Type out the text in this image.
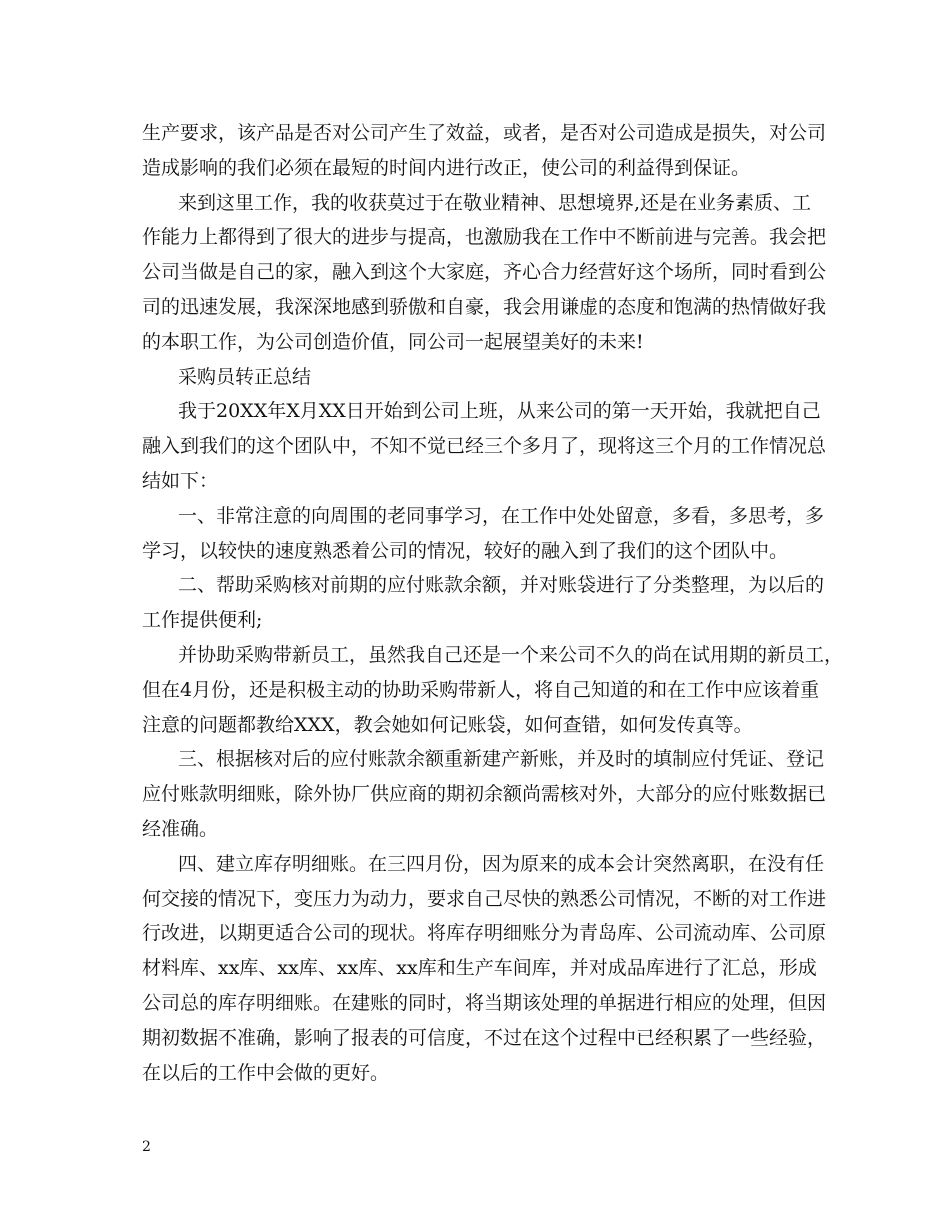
生产要求，该产品是否对公司产生了效益，或者，是否对公司造成是损失，对公司
造成影响的我们必须在最短的时间内进行改正，使公司的利益得到保证。
来到这里工作，我的收获莫过于在敬业精神、思想境界,还是在业务素质、工
作能力上都得到了很大的进步与提高，也激励我在工作中不断前进与完善。我会把
公司当做是自己的家，融入到这个大家庭，齐心合力经营好这个场所，同时看到公
司的迅速发展，我深深地感到骄傲和自豪，我会用谦虚的态度和饱满的热情做好我
的本职工作，为公司创造价值，同公司一起展望美好的未来!
采购员转正总结
我于20XX年X月XX日开始到公司上班，从来公司的第一天开始，我就把自己
融入到我们的这个团队中，不知不觉已经三个多月了，现将这三个月的工作情况总
结如下：
一、非常注意的向周围的老同事学习，在工作中处处留意，多看，多思考，多
学习，以较快的速度熟悉着公司的情况，较好的融入到了我们的这个团队中。
二、帮助采购核对前期的应付账款余额，并对账袋进行了分类整理，为以后的
工作提供便利;
并协助采购带新员工，虽然我自己还是一个来公司不久的尚在试用期的新员工，
但在4月份，还是积极主动的协助采购带新人，将自己知道的和在工作中应该着重
注意的问题都教给XXX，教会她如何记账袋，如何查错，如何发传真等。
三、根据核对后的应付账款余额重新建产新账，并及时的填制应付凭证、登记
应付账款明细账，除外协厂供应商的期初余额尚需核对外，大部分的应付账数据已
经准确。
四、建立库存明细账。在三四月份，因为原来的成本会计突然离职，在没有任
何交接的情况下，变压力为动力，要求自己尽快的熟悉公司情况，不断的对工作进
行改进，以期更适合公司的现状。将库存明细账分为青岛库、公司流动库、公司原
材料库、xx库、xx库、xx库、xx库和生产车间库，并对成品库进行了汇总，形成
公司总的库存明细账。在建账的同时，将当期该处理的单据进行相应的处理，但因
期初数据不准确，影响了报表的可信度，不过在这个过程中已经积累了一些经验，
在以后的工作中会做的更好。
2
